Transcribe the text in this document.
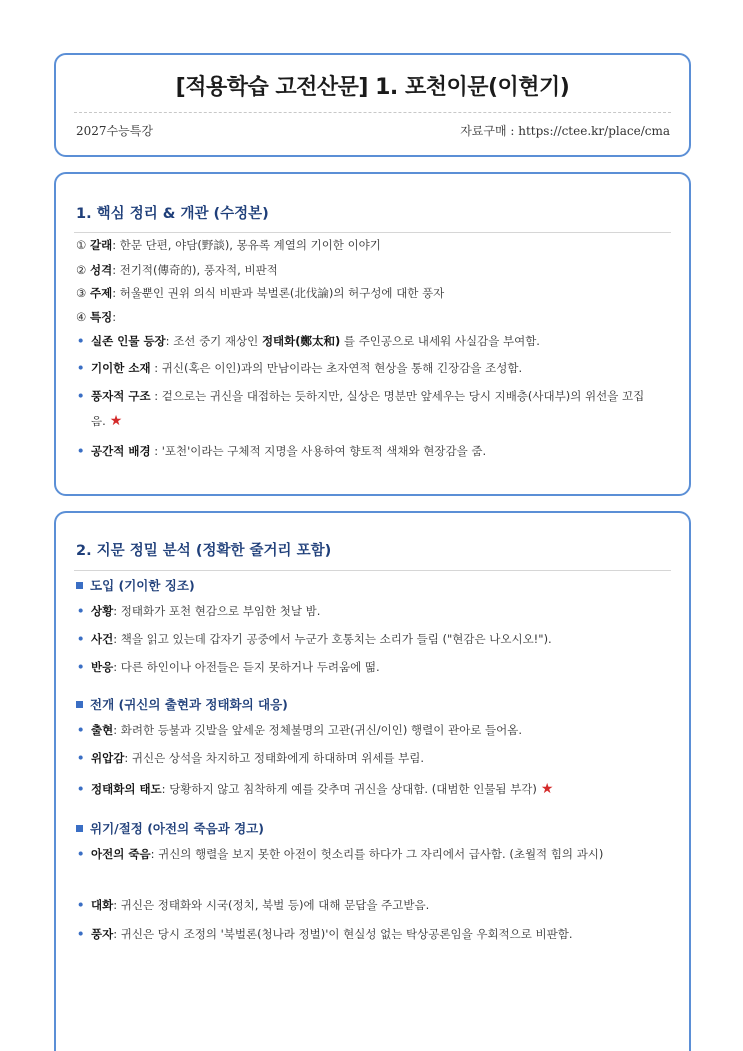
[적용학습 고전산문] 1. 포천이문(이현기)
2027수능특강	자료구매 : https://ctee.kr/place/cma
1. 핵심 정리 & 개관 (수정본)
① 갈래: 한문 단편, 야담(野談), 몽유록 계열의 기이한 이야기
② 성격: 전기적(傳奇的), 풍자적, 비판적
③ 주제: 허울뿐인 권위 의식 비판과 북벌론(北伐論)의 허구성에 대한 풍자
④ 특징:
• 실존 인물 등장: 조선 중기 재상인 정태화(鄭太和) 를 주인공으로 내세워 사실감을 부여함.
• 기이한 소재 : 귀신(혹은 이인)과의 만남이라는 초자연적 현상을 통해 긴장감을 조성함.
• 풍자적 구조 : 겉으로는 귀신을 대접하는 듯하지만, 실상은 명분만 앞세우는 당시 지배층(사대부)의 위선을 꼬집음. ★
• 공간적 배경 : '포천'이라는 구체적 지명을 사용하여 향토적 색채와 현장감을 줌.
2. 지문 정밀 분석 (정확한 줄거리 포함)
도입 (기이한 징조)
• 상황: 정태화가 포천 현감으로 부임한 첫날 밤.
• 사건: 책을 읽고 있는데 갑자기 공중에서 누군가 호통치는 소리가 들림 ("현감은 나오시오!").
• 반응: 다른 하인이나 아전들은 듣지 못하거나 두려움에 떪.
전개 (귀신의 출현과 정태화의 대응)
• 출현: 화려한 등불과 깃발을 앞세운 정체불명의 고관(귀신/이인) 행렬이 관아로 들어옴.
• 위압감: 귀신은 상석을 차지하고 정태화에게 하대하며 위세를 부림.
• 정태화의 태도: 당황하지 않고 침착하게 예를 갖추며 귀신을 상대함. (대범한 인물됨 부각) ★
위기/절정 (아전의 죽음과 경고)
• 아전의 죽음: 귀신의 행렬을 보지 못한 아전이 헛소리를 하다가 그 자리에서 급사함. (초월적 힘의 과시)
• 대화: 귀신은 정태화와 시국(정치, 북벌 등)에 대해 문답을 주고받음.
• 풍자: 귀신은 당시 조정의 '북벌론(청나라 정벌)'이 현실성 없는 탁상공론임을 우회적으로 비판함.
